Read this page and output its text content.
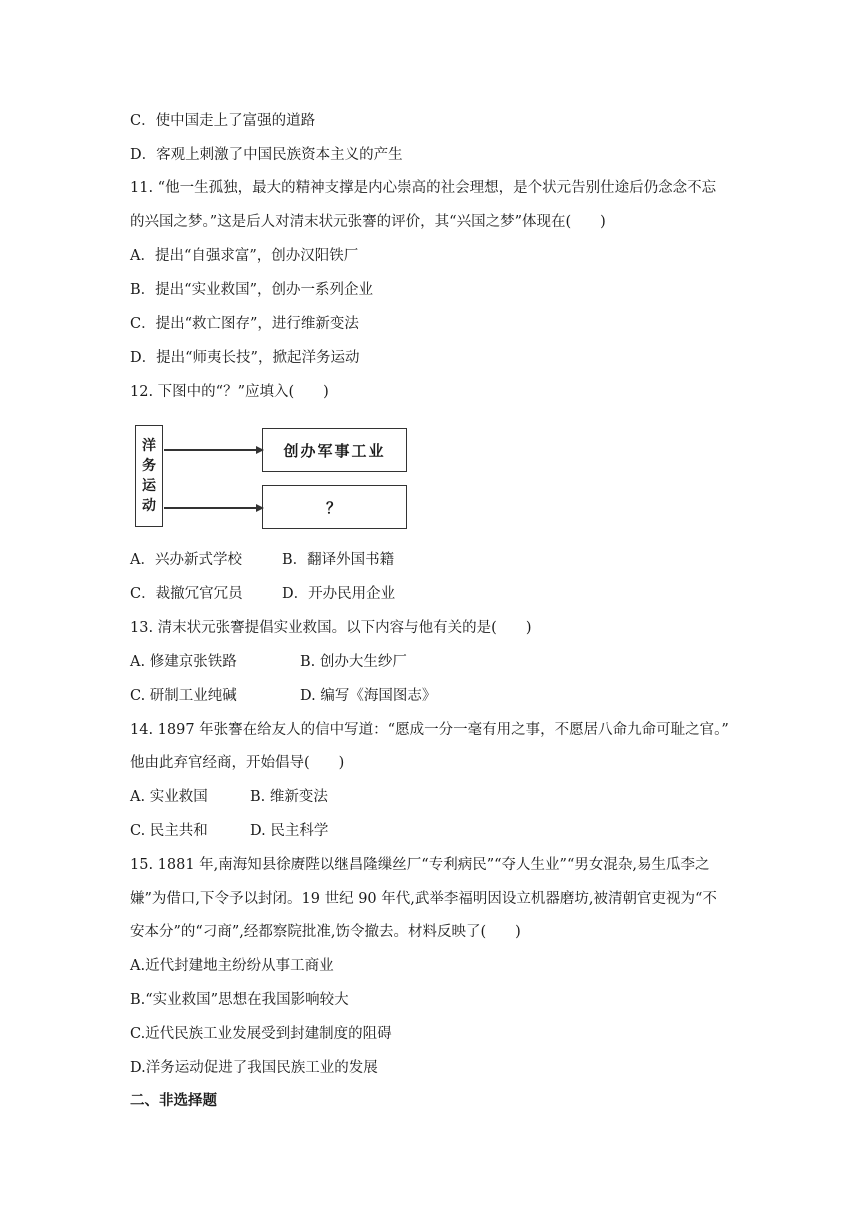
C．使中国走上了富强的道路
D．客观上刺激了中国民族资本主义的产生
11. “他一生孤独，最大的精神支撑是内心崇高的社会理想，是个状元告别仕途后仍念念不忘
的兴国之梦。”这是后人对清末状元张謇的评价，其“兴国之梦”体现在(　　)
A．提出“自强求富”，创办汉阳铁厂
B．提出“实业救国”，创办一系列企业
C．提出“救亡图存”，进行维新变法
D．提出“师夷长技”，掀起洋务运动
12. 下图中的“？”应填入(　　)
洋
务
运
动
创办军事工业
？
A．兴办新式学校	B．翻译外国书籍
C．裁撤冗官冗员	D．开办民用企业
13. 清末状元张謇提倡实业救国。以下内容与他有关的是(　　)
A. 修建京张铁路	B. 创办大生纱厂
C. 研制工业纯碱	D. 编写《海国图志》
14. 1897 年张謇在给友人的信中写道：“愿成一分一毫有用之事，不愿居八命九命可耻之官。”
他由此弃官经商，开始倡导(　　)
A. 实业救国	B. 维新变法
C. 民主共和	D. 民主科学
15. 1881 年,南海知县徐赓陛以继昌隆缫丝厂“专利病民”“夺人生业”“男女混杂,易生瓜李之
嫌”为借口,下令予以封闭。19 世纪 90 年代,武举李福明因设立机器磨坊,被清朝官吏视为“不
安本分”的“刁商”,经都察院批准,饬令撤去。材料反映了(　　)
A.近代封建地主纷纷从事工商业
B.“实业救国”思想在我国影响较大
C.近代民族工业发展受到封建制度的阻碍
D.洋务运动促进了我国民族工业的发展
二、非选择题
